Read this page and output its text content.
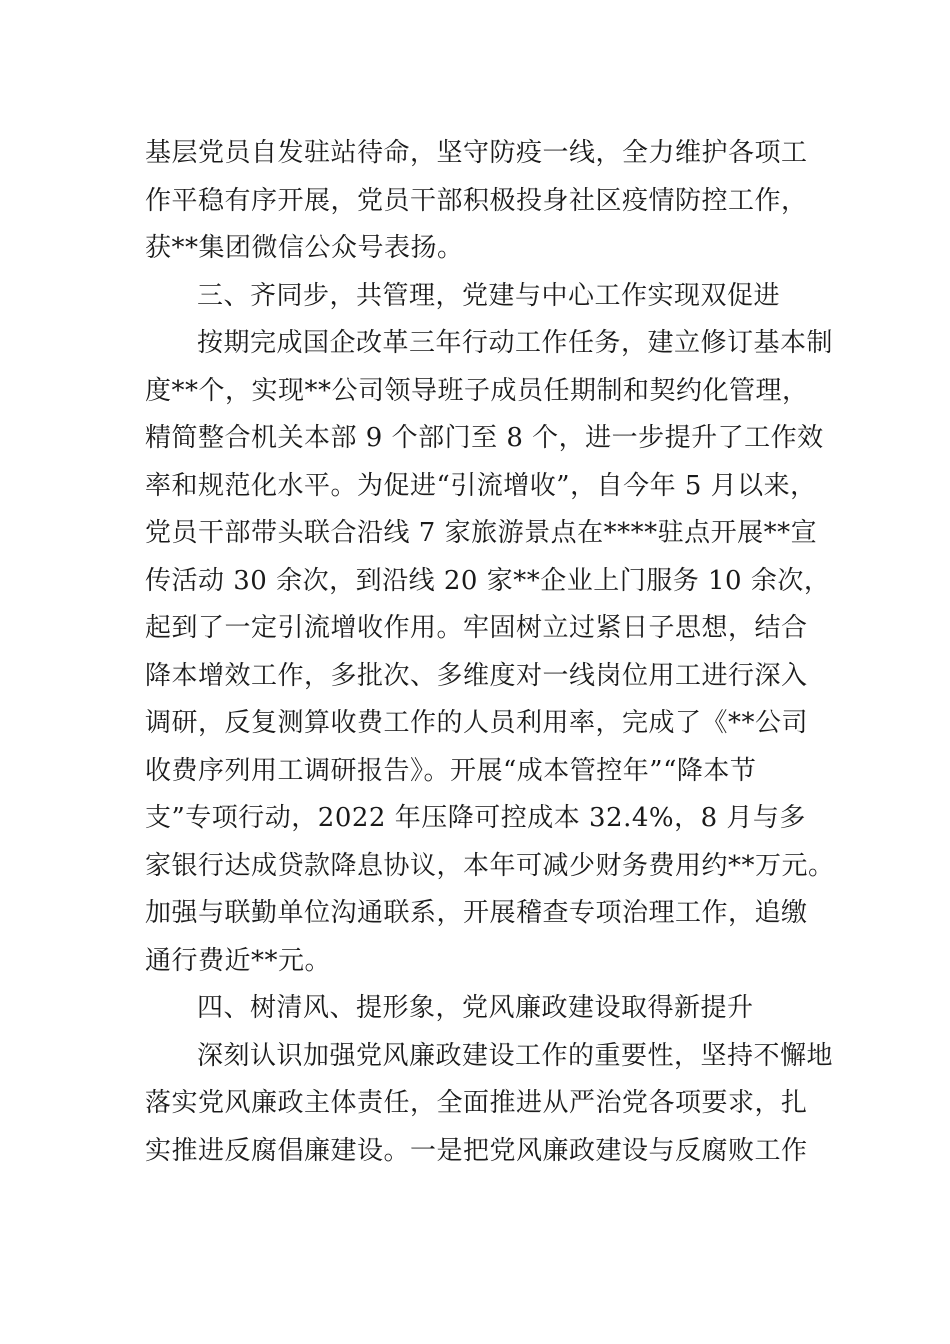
基层党员自发驻站待命，坚守防疫一线，全力维护各项工
作平稳有序开展，党员干部积极投身社区疫情防控工作，
获**集团微信公众号表扬。

三、齐同步，共管理，党建与中心工作实现双促进

按期完成国企改革三年行动工作任务，建立修订基本制
度**个，实现**公司领导班子成员任期制和契约化管理，
精简整合机关本部 9 个部门至 8 个，进一步提升了工作效
率和规范化水平。为促进“引流增收”，自今年 5 月以来，
党员干部带头联合沿线 7 家旅游景点在****驻点开展**宣
传活动 30 余次，到沿线 20 家**企业上门服务 10 余次，
起到了一定引流增收作用。牢固树立过紧日子思想，结合
降本增效工作，多批次、多维度对一线岗位用工进行深入
调研，反复测算收费工作的人员利用率，完成了《**公司
收费序列用工调研报告》。开展“成本管控年”“降本节
支”专项行动，2022 年压降可控成本 32.4%，8 月与多
家银行达成贷款降息协议，本年可减少财务费用约**万元。
加强与联勤单位沟通联系，开展稽查专项治理工作，追缴
通行费近**元。

四、树清风、提形象，党风廉政建设取得新提升

深刻认识加强党风廉政建设工作的重要性，坚持不懈地
落实党风廉政主体责任，全面推进从严治党各项要求，扎
实推进反腐倡廉建设。一是把党风廉政建设与反腐败工作
